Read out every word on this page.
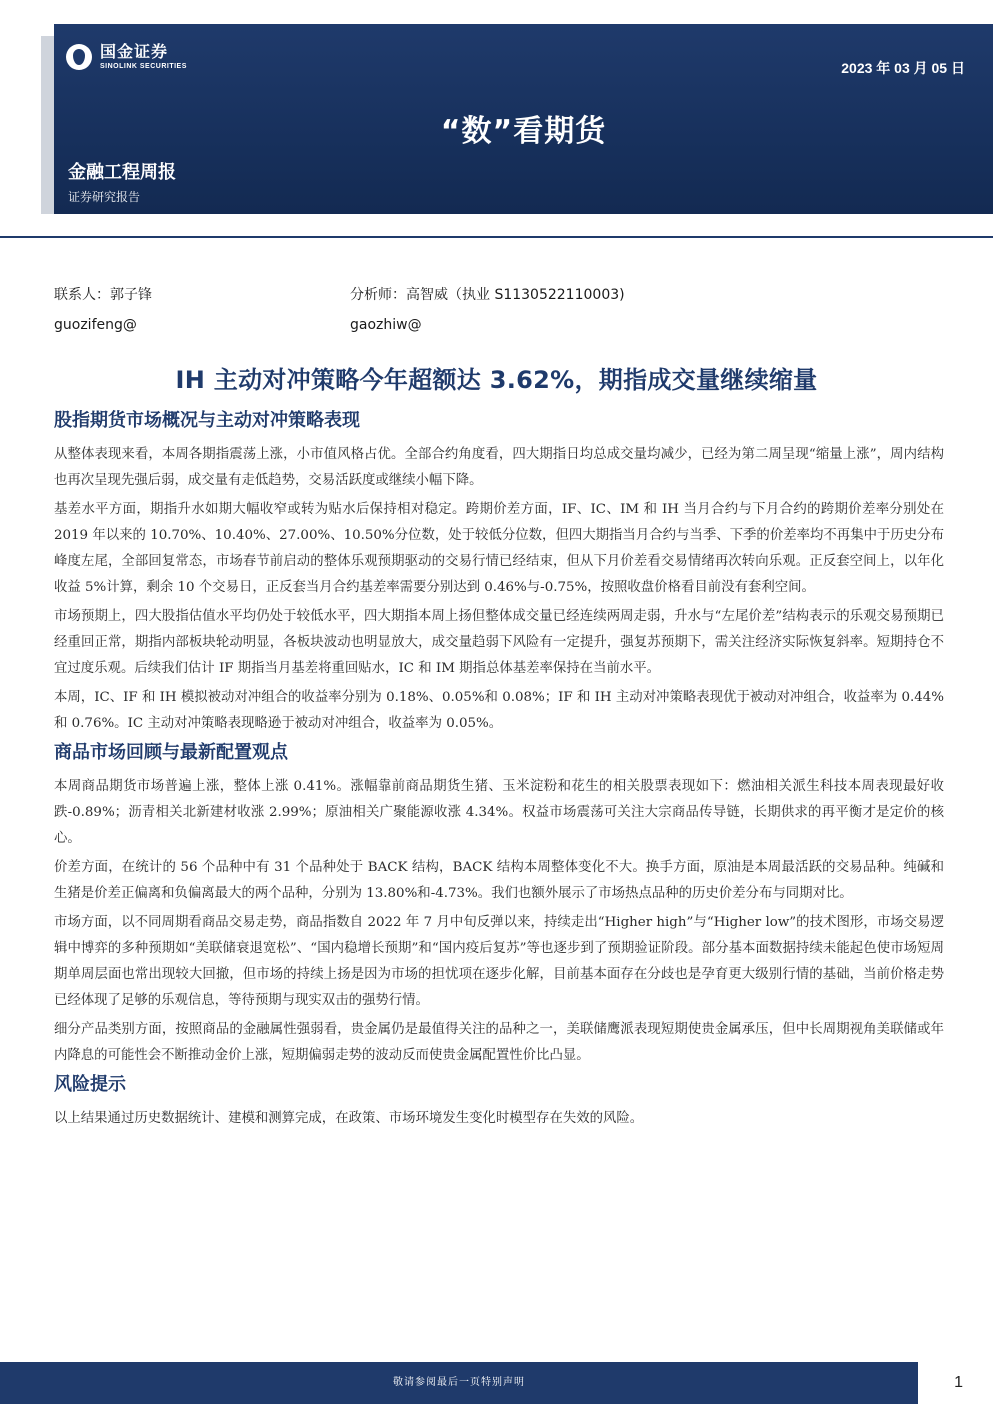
国金证券
SINOLINK SECURITIES	2023 年 03 月 05 日
“数”看期货
金融工程周报
证券研究报告
联系人：郭子锋	分析师：高智威（执业 S1130522110003)
guozifeng@	gaozhiw@
IH 主动对冲策略今年超额达 3.62%，期指成交量继续缩量
股指期货市场概况与主动对冲策略表现

从整体表现来看，本周各期指震荡上涨，小市值风格占优。全部合约角度看，四大期指日均总成交量均减少，已经为第二周呈现“缩量上涨”，周内结构也再次呈现先强后弱，成交量有走低趋势，交易活跃度或继续小幅下降。

基差水平方面，期指升水如期大幅收窄或转为贴水后保持相对稳定。跨期价差方面，IF、IC、IM 和 IH 当月合约与下月合约的跨期价差率分别处在 2019 年以来的 10.70%、10.40%、27.00%、10.50%分位数，处于较低分位数，但四大期指当月合约与当季、下季的价差率均不再集中于历史分布峰度左尾，全部回复常态，市场春节前启动的整体乐观预期驱动的交易行情已经结束，但从下月价差看交易情绪再次转向乐观。正反套空间上，以年化收益 5%计算，剩余 10 个交易日，正反套当月合约基差率需要分别达到 0.46%与-0.75%，按照收盘价格看目前没有套利空间。

市场预期上，四大股指估值水平均仍处于较低水平，四大期指本周上扬但整体成交量已经连续两周走弱，升水与“左尾价差”结构表示的乐观交易预期已经重回正常，期指内部板块轮动明显，各板块波动也明显放大，成交量趋弱下风险有一定提升，强复苏预期下，需关注经济实际恢复斜率。短期持仓不宜过度乐观。后续我们估计 IF 期指当月基差将重回贴水，IC 和 IM 期指总体基差率保持在当前水平。

本周，IC、IF 和 IH 模拟被动对冲组合的收益率分别为 0.18%、0.05%和 0.08%；IF 和 IH 主动对冲策略表现优于被动对冲组合，收益率为 0.44%和 0.76%。IC 主动对冲策略表现略逊于被动对冲组合，收益率为 0.05%。

商品市场回顾与最新配置观点

本周商品期货市场普遍上涨，整体上涨 0.41%。涨幅靠前商品期货生猪、玉米淀粉和花生的相关股票表现如下：燃油相关派生科技本周表现最好收跌-0.89%；沥青相关北新建材收涨 2.99%；原油相关广聚能源收涨 4.34%。权益市场震荡可关注大宗商品传导链，长期供求的再平衡才是定价的核心。

价差方面，在统计的 56 个品种中有 31 个品种处于 BACK 结构，BACK 结构本周整体变化不大。换手方面，原油是本周最活跃的交易品种。纯碱和生猪是价差正偏离和负偏离最大的两个品种，分别为 13.80%和-4.73%。我们也额外展示了市场热点品种的历史价差分布与同期对比。

市场方面，以不同周期看商品交易走势，商品指数自 2022 年 7 月中旬反弹以来，持续走出“Higher high”与“Higher low”的技术图形，市场交易逻辑中博弈的多种预期如“美联储衰退宽松”、“国内稳增长预期”和“国内疫后复苏”等也逐步到了预期验证阶段。部分基本面数据持续未能起色使市场短周期单周层面也常出现较大回撤，但市场的持续上扬是因为市场的担忧项在逐步化解，目前基本面存在分歧也是孕育更大级别行情的基础，当前价格走势已经体现了足够的乐观信息，等待预期与现实双击的强势行情。

细分产品类别方面，按照商品的金融属性强弱看，贵金属仍是最值得关注的品种之一，美联储鹰派表现短期使贵金属承压，但中长周期视角美联储或年内降息的可能性会不断推动金价上涨，短期偏弱走势的波动反而使贵金属配置性价比凸显。

风险提示

以上结果通过历史数据统计、建模和测算完成，在政策、市场环境发生变化时模型存在失效的风险。

敬请参阅最后一页特别声明	1
